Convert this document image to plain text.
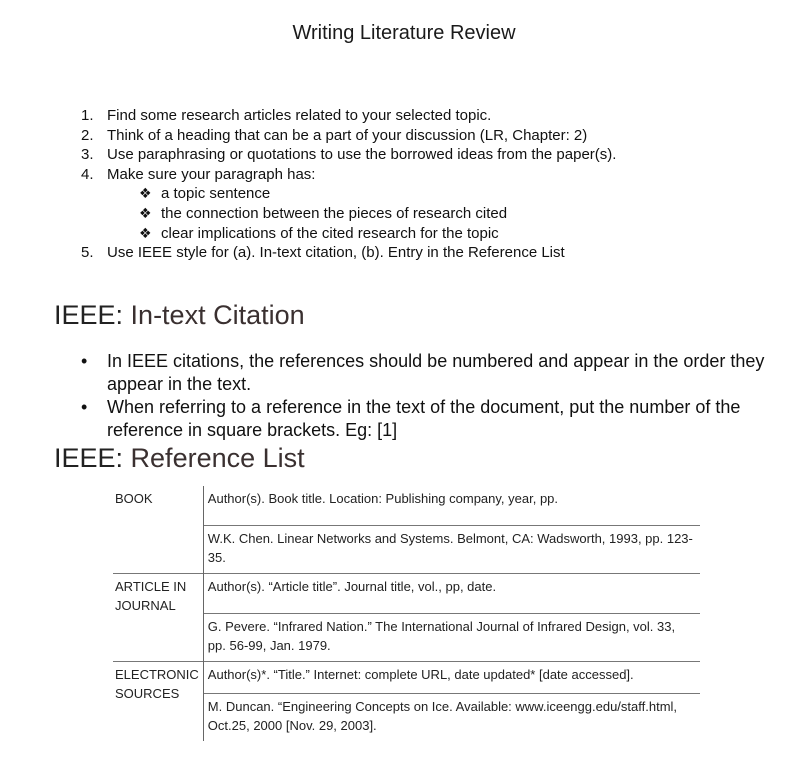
Writing Literature Review
1. Find some research articles related to your selected topic.
2. Think of a heading that can be a part of your discussion (LR, Chapter: 2)
3. Use paraphrasing or quotations to use the borrowed ideas from the paper(s).
4. Make sure your paragraph has:
❖ a topic sentence
❖ the connection between the pieces of research cited
❖ clear implications of the cited research for the topic
5. Use IEEE style for (a). In-text citation, (b). Entry in the Reference List
IEEE: In-text Citation
• In IEEE citations, the references should be numbered and appear in the order they appear in the text.
• When referring to a reference in the text of the document, put the number of the reference in square brackets. Eg: [1]
IEEE: Reference List
BOOK	Author(s). Book title. Location: Publishing company, year, pp.
	W.K. Chen. Linear Networks and Systems. Belmont, CA: Wadsworth, 1993, pp. 123-35.
ARTICLE IN JOURNAL	Author(s). “Article title”. Journal title, vol., pp, date.
	G. Pevere. “Infrared Nation.” The International Journal of Infrared Design, vol. 33, pp. 56-99, Jan. 1979.
ELECTRONIC SOURCES	Author(s)*. “Title.” Internet: complete URL, date updated* [date accessed].
	M. Duncan. “Engineering Concepts on Ice. Available: www.iceengg.edu/staff.html, Oct.25, 2000 [Nov. 29, 2003].
